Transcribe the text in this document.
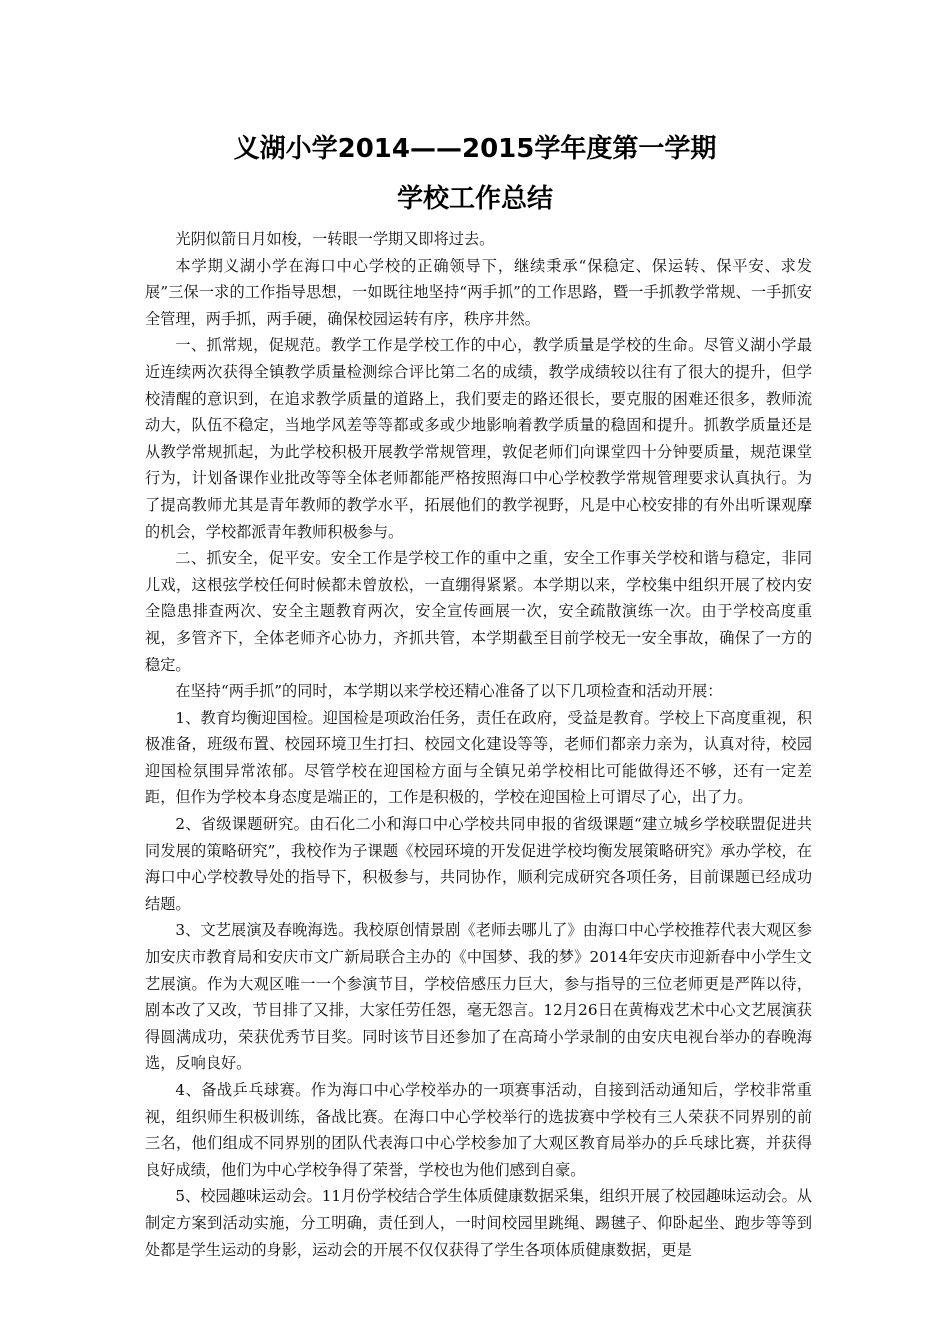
义湖小学2014——2015学年度第一学期
学校工作总结

光阴似箭日月如梭，一转眼一学期又即将过去。

本学期义湖小学在海口中心学校的正确领导下，继续秉承“保稳定、保运转、保平安、求发展”三保一求的工作指导思想，一如既往地坚持“两手抓”的工作思路，暨一手抓教学常规、一手抓安全管理，两手抓，两手硬，确保校园运转有序，秩序井然。

一、抓常规，促规范。教学工作是学校工作的中心，教学质量是学校的生命。尽管义湖小学最近连续两次获得全镇教学质量检测综合评比第二名的成绩，教学成绩较以往有了很大的提升，但学校清醒的意识到，在追求教学质量的道路上，我们要走的路还很长，要克服的困难还很多，教师流动大，队伍不稳定，当地学风差等等都或多或少地影响着教学质量的稳固和提升。抓教学质量还是从教学常规抓起，为此学校积极开展教学常规管理，敦促老师们向课堂四十分钟要质量，规范课堂行为，计划备课作业批改等等全体老师都能严格按照海口中心学校教学常规管理要求认真执行。为了提高教师尤其是青年教师的教学水平，拓展他们的教学视野，凡是中心校安排的有外出听课观摩的机会，学校都派青年教师积极参与。

二、抓安全，促平安。安全工作是学校工作的重中之重，安全工作事关学校和谐与稳定，非同儿戏，这根弦学校任何时候都未曾放松，一直绷得紧紧。本学期以来，学校集中组织开展了校内安全隐患排查两次、安全主题教育两次，安全宣传画展一次，安全疏散演练一次。由于学校高度重视，多管齐下，全体老师齐心协力，齐抓共管，本学期截至目前学校无一安全事故，确保了一方的稳定。

在坚持“两手抓”的同时，本学期以来学校还精心准备了以下几项检查和活动开展：

1、教育均衡迎国检。迎国检是项政治任务，责任在政府，受益是教育。学校上下高度重视，积极准备，班级布置、校园环境卫生打扫、校园文化建设等等，老师们都亲力亲为，认真对待，校园迎国检氛围异常浓郁。尽管学校在迎国检方面与全镇兄弟学校相比可能做得还不够，还有一定差距，但作为学校本身态度是端正的，工作是积极的，学校在迎国检上可谓尽了心，出了力。

2、省级课题研究。由石化二小和海口中心学校共同申报的省级课题“建立城乡学校联盟促进共同发展的策略研究”，我校作为子课题《校园环境的开发促进学校均衡发展策略研究》承办学校，在海口中心学校教导处的指导下，积极参与，共同协作，顺利完成研究各项任务，目前课题已经成功结题。

3、文艺展演及春晚海选。我校原创情景剧《老师去哪儿了》由海口中心学校推荐代表大观区参加安庆市教育局和安庆市文广新局联合主办的《中国梦、我的梦》2014年安庆市迎新春中小学生文艺展演。作为大观区唯一一个参演节目，学校倍感压力巨大，参与指导的三位老师更是严阵以待，剧本改了又改，节目排了又排，大家任劳任怨，毫无怨言。12月26日在黄梅戏艺术中心文艺展演获得圆满成功，荣获优秀节目奖。同时该节目还参加了在高琦小学录制的由安庆电视台举办的春晚海选，反响良好。

4、备战乒乓球赛。作为海口中心学校举办的一项赛事活动，自接到活动通知后，学校非常重视，组织师生积极训练，备战比赛。在海口中心学校举行的选拔赛中学校有三人荣获不同界别的前三名，他们组成不同界别的团队代表海口中心学校参加了大观区教育局举办的乒乓球比赛，并获得良好成绩，他们为中心学校争得了荣誉，学校也为他们感到自豪。

5、校园趣味运动会。11月份学校结合学生体质健康数据采集，组织开展了校园趣味运动会。从制定方案到活动实施，分工明确，责任到人，一时间校园里跳绳、踢毽子、仰卧起坐、跑步等等到处都是学生运动的身影，运动会的开展不仅仅获得了学生各项体质健康数据，更是
